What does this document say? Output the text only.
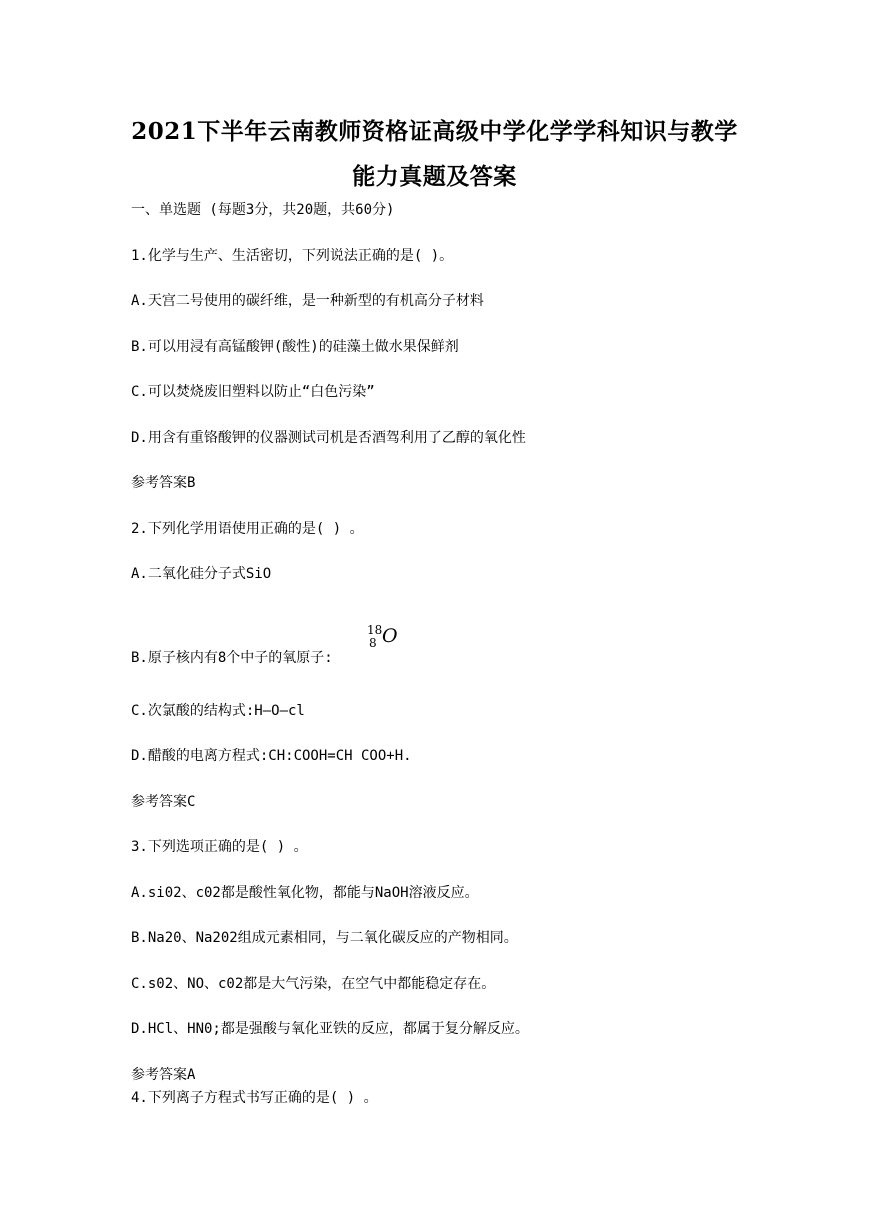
2021下半年云南教师资格证高级中学化学学科知识与教学
能力真题及答案
一、单选题 (每题3分，共20题，共60分)
1.化学与生产、生活密切，下列说法正确的是( )。
A.天宫二号使用的碳纤维，是一种新型的有机高分子材料
B.可以用浸有高锰酸钾(酸性)的硅藻土做水果保鲜剂
C.可以焚烧废旧塑料以防止“白色污染”
D.用含有重铬酸钾的仪器测试司机是否酒驾利用了乙醇的氧化性
参考答案B
2.下列化学用语使用正确的是( ) 。
A.二氧化硅分子式SiO
B.原子核内有8个中子的氧原子:
18
8 O
C.次氯酸的结构式:H—O—cl
D.醋酸的电离方程式:CH:COOH=CH COO+H.
参考答案C
3.下列选项正确的是( ) 。
A.si02、c02都是酸性氧化物，都能与NaOH溶液反应。
B.Na20、Na202组成元素相同，与二氧化碳反应的产物相同。
C.s02、NO、c02都是大气污染，在空气中都能稳定存在。
D.HCl、HN0;都是强酸与氧化亚铁的反应，都属于复分解反应。
参考答案A
4.下列离子方程式书写正确的是( ) 。
